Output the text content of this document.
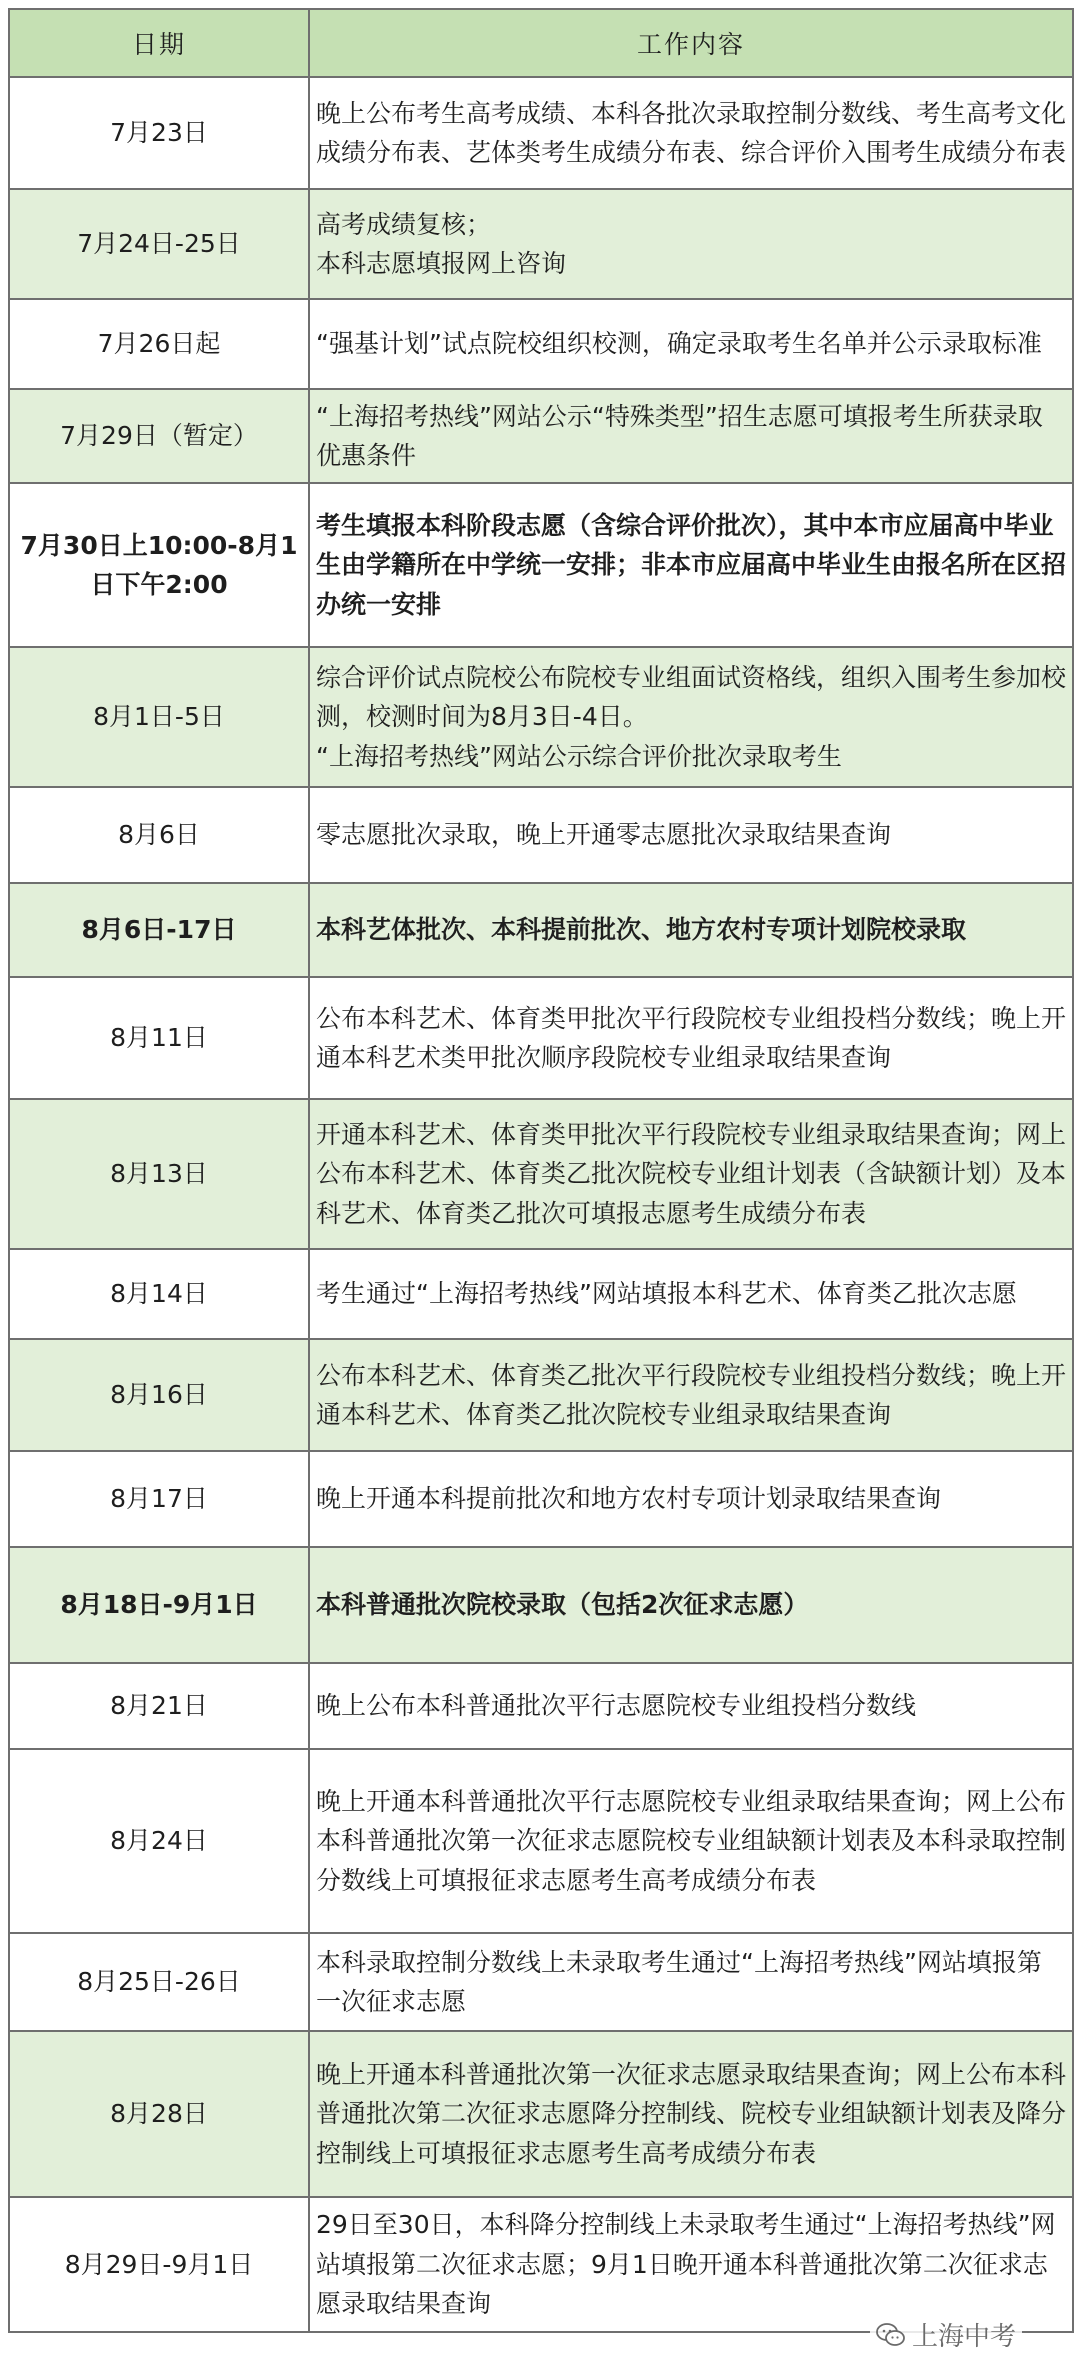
日期	工作内容
7月23日	晚上公布考生高考成绩、本科各批次录取控制分数线、考生高考文化成绩分布表、艺体类考生成绩分布表、综合评价入围考生成绩分布表

7月24日-25日	高考成绩复核；
本科志愿填报网上咨询

7月26日起	“强基计划”试点院校组织校测，确定录取考生名单并公示录取标准

7月29日（暂定）	“上海招考热线”网站公示“特殊类型”招生志愿可填报考生所获录取优惠条件

7月30日上10:00-8月1日下午2:00	考生填报本科阶段志愿（含综合评价批次），其中本市应届高中毕业生由学籍所在中学统一安排；非本市应届高中毕业生由报名所在区招办统一安排

8月1日-5日	综合评价试点院校公布院校专业组面试资格线，组织入围考生参加校测，校测时间为8月3日-4日。
“上海招考热线”网站公示综合评价批次录取考生

8月6日	零志愿批次录取，晚上开通零志愿批次录取结果查询

8月6日-17日	本科艺体批次、本科提前批次、地方农村专项计划院校录取

8月11日	公布本科艺术、体育类甲批次平行段院校专业组投档分数线；晚上开通本科艺术类甲批次顺序段院校专业组录取结果查询

8月13日	开通本科艺术、体育类甲批次平行段院校专业组录取结果查询；网上公布本科艺术、体育类乙批次院校专业组计划表（含缺额计划）及本科艺术、体育类乙批次可填报志愿考生成绩分布表

8月14日	考生通过“上海招考热线”网站填报本科艺术、体育类乙批次志愿

8月16日	公布本科艺术、体育类乙批次平行段院校专业组投档分数线；晚上开通本科艺术、体育类乙批次院校专业组录取结果查询

8月17日	晚上开通本科提前批次和地方农村专项计划录取结果查询

8月18日-9月1日	本科普通批次院校录取（包括2次征求志愿）

8月21日	晚上公布本科普通批次平行志愿院校专业组投档分数线

8月24日	晚上开通本科普通批次平行志愿院校专业组录取结果查询；网上公布本科普通批次第一次征求志愿院校专业组缺额计划表及本科录取控制分数线上可填报征求志愿考生高考成绩分布表

8月25日-26日	本科录取控制分数线上未录取考生通过“上海招考热线”网站填报第一次征求志愿

8月28日	晚上开通本科普通批次第一次征求志愿录取结果查询；网上公布本科普通批次第二次征求志愿降分控制线、院校专业组缺额计划表及降分控制线上可填报征求志愿考生高考成绩分布表

8月29日-9月1日	29日至30日，本科降分控制线上未录取考生通过“上海招考热线”网站填报第二次征求志愿；9月1日晚开通本科普通批次第二次征求志愿录取结果查询
上海中考
